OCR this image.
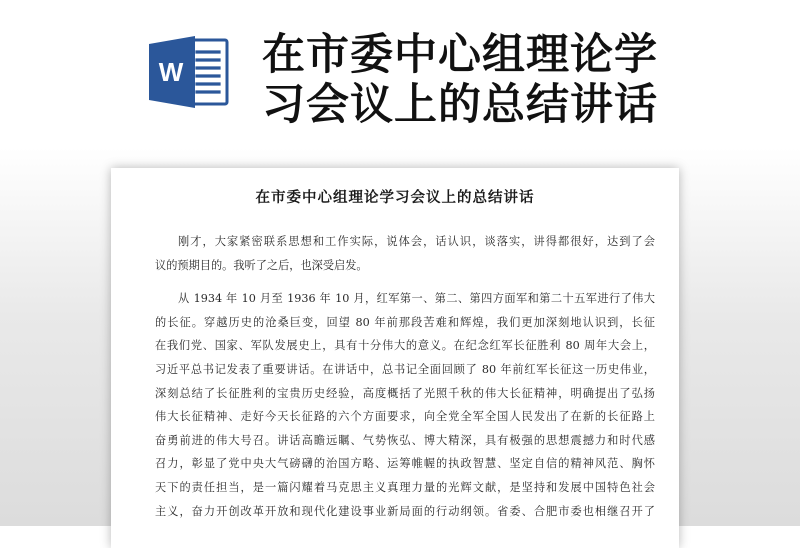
W 在市委中心组理论学
习会议上的总结讲话
在市委中心组理论学习会议上的总结讲话
刚才，大家紧密联系思想和工作实际，说体会，话认识，谈落实，讲得都很好，达到了会
议的预期目的。我听了之后，也深受启发。
从 1934 年 10 月至 1936 年 10 月，红军第一、第二、第四方面军和第二十五军进行了伟大
的长征。穿越历史的沧桑巨变，回望 80 年前那段苦难和辉煌，我们更加深刻地认识到，长征
在我们党、国家、军队发展史上，具有十分伟大的意义。在纪念红军长征胜利 80 周年大会上，
习近平总书记发表了重要讲话。在讲话中，总书记全面回顾了 80 年前红军长征这一历史伟业，
深刻总结了长征胜利的宝贵历史经验，高度概括了光照千秋的伟大长征精神，明确提出了弘扬
伟大长征精神、走好今天长征路的六个方面要求，向全党全军全国人民发出了在新的长征路上
奋勇前进的伟大号召。讲话高瞻远瞩、气势恢弘、博大精深，具有极强的思想震撼力和时代感
召力，彰显了党中央大气磅礴的治国方略、运筹帷幄的执政智慧、坚定自信的精神风范、胸怀
天下的责任担当，是一篇闪耀着马克思主义真理力量的光辉文献，是坚持和发展中国特色社会
主义，奋力开创改革开放和现代化建设事业新局面的行动纲领。省委、合肥市委也相继召开了
